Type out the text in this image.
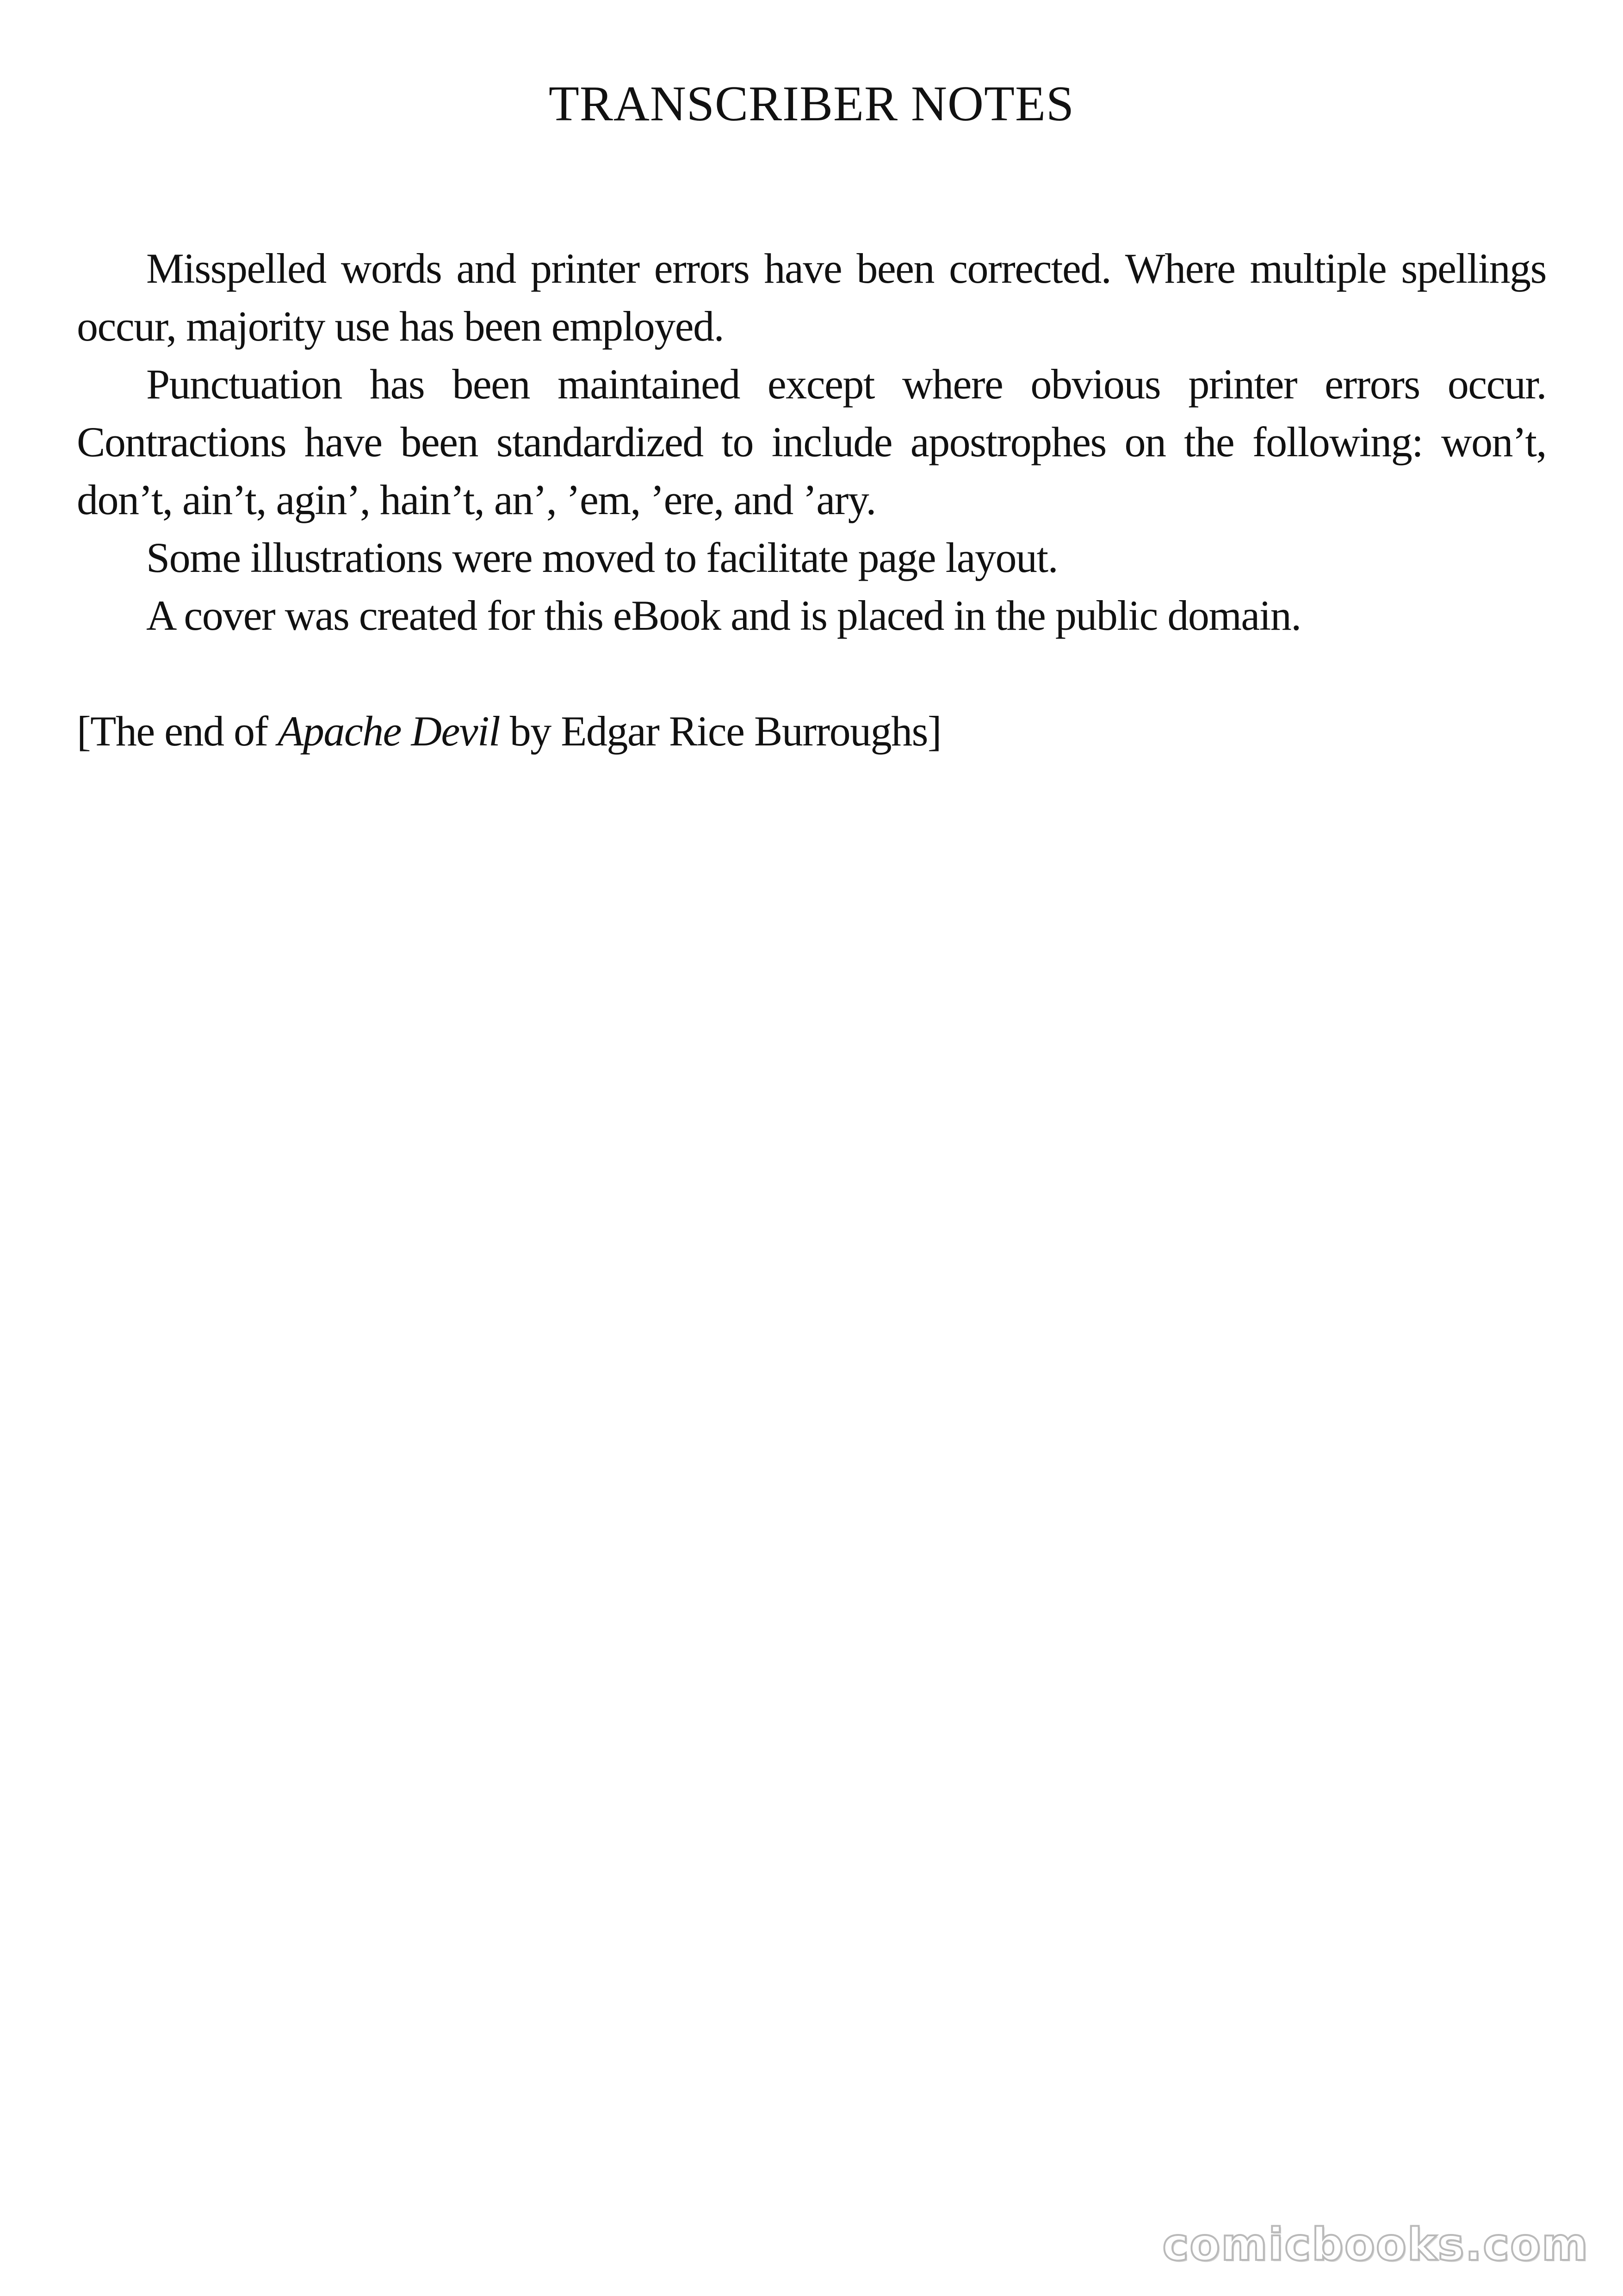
TRANSCRIBER NOTES

Misspelled words and printer errors have been corrected. Where multiple spellings occur, majority use has been employed.

Punctuation has been maintained except where obvious printer errors occur. Contractions have been standardized to include apostrophes on the following: won’t, don’t, ain’t, agin’, hain’t, an’, ’em, ’ere, and ’ary.

Some illustrations were moved to facilitate page layout.

A cover was created for this eBook and is placed in the public domain.

[The end of Apache Devil by Edgar Rice Burroughs]

comicbooks.com
